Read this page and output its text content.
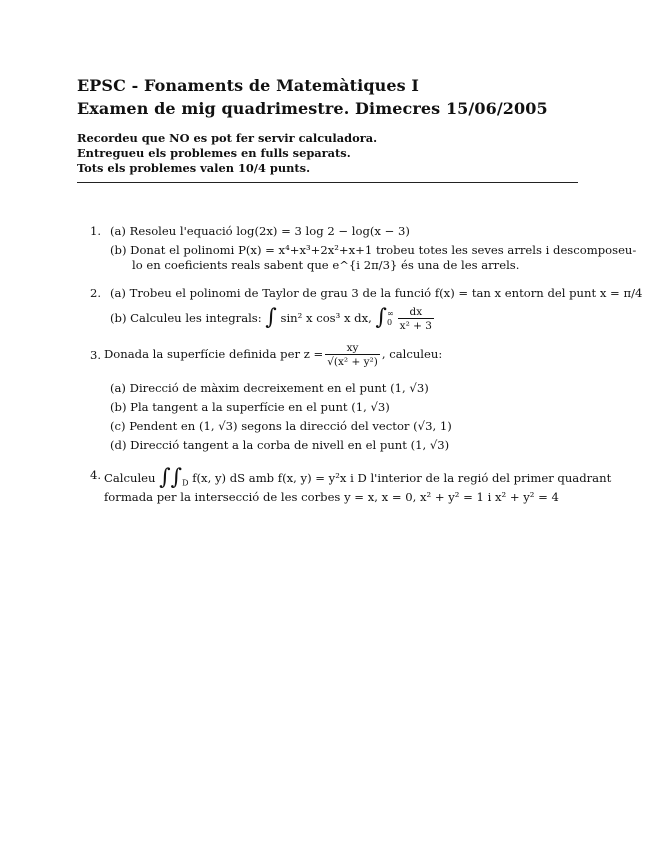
EPSC - Fonaments de Matemàtiques I
Examen de mig quadrimestre. Dimecres 15/06/2005
Recordeu que NO es pot fer servir calculadora.
Entregueu els problemes en fulls separats.
Tots els problemes valen 10/4 punts.
1. (a) Resoleu l'equació log(2x) = 3 log 2 − log(x − 3)
(b) Donat el polinomi P(x) = x⁴+x³+2x²+x+1 trobeu totes les seves arrels i descomposeu-
lo en coeficients reals sabent que e^{i 2π/3} és una de les arrels.
2. (a) Trobeu el polinomi de Taylor de grau 3 de la funció f(x) = tan x entorn del punt x = π/4
(b) Calculeu les integrals: ∫ sin² x cos³ x dx, ∫ ∞
$0 \frac{dx}{\text{x² + 3}}$
3. Donada la superfície definida per $z = \frac{xy}{\text{√(x² + y²)}}$ , calculeu:
(a) Direcció de màxim decreixement en el punt (1, √3)
(b) Pla tangent a la superfície en el punt (1, √3)
(c) Pendent en (1, √3) segons la direcció del vector (√3, 1)
(d) Direcció tangent a la corba de nivell en el punt (1, √3)
4. Calculeu $\int\int_D$ f(x, y) dS amb f(x, y) = y²x i D l'interior de la regió del primer quadrant
formada per la intersecció de les corbes y = x, x = 0, x² + y² = 1 i x² + y² = 4
